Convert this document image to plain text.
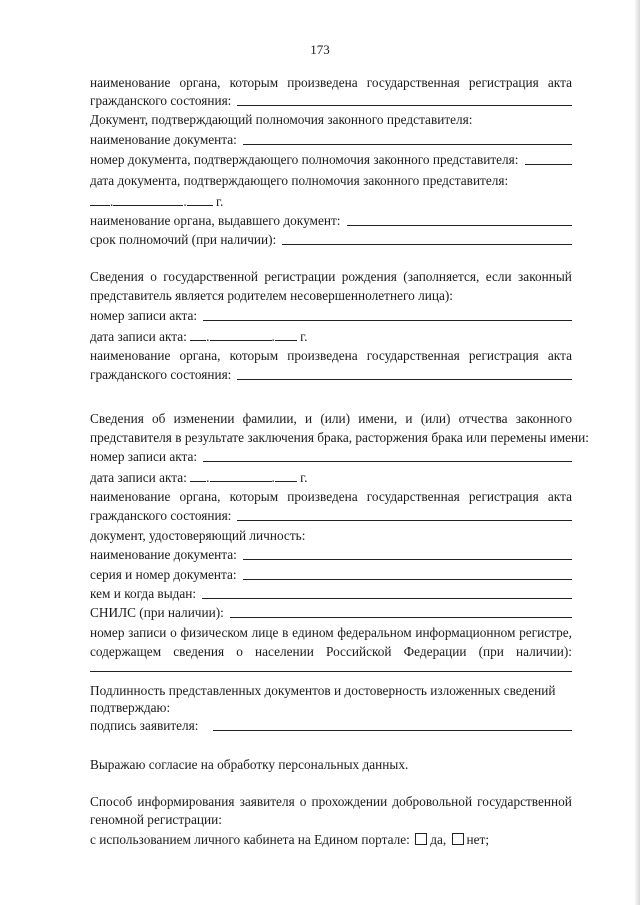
173
наименование органа, которым произведена государственная регистрация акта
гражданского состояния:
Документ, подтверждающий полномочия законного представителя:
наименование документа:
номер документа, подтверждающего полномочия законного представителя:
дата документа, подтверждающего полномочия законного представителя:
.	. г.
наименование органа, выдавшего документ:
срок полномочий (при наличии):
Сведения о государственной регистрации рождения (заполняется, если законный
представитель является родителем несовершеннолетнего лица):
номер записи акта:
дата записи акта: .	. г.
наименование органа, которым произведена государственная регистрация акта
гражданского состояния:
Сведения об изменении фамилии, и (или) имени, и (или) отчества законного
представителя в результате заключения брака, расторжения брака или перемены имени:
номер записи акта:
дата записи акта: .	. г.
наименование органа, которым произведена государственная регистрация акта
гражданского состояния:
документ, удостоверяющий личность:
наименование документа:
серия и номер документа:
кем и когда выдан:
СНИЛС (при наличии):
номер записи о физическом лице в едином федеральном информационном регистре,
содержащем сведения о населении Российской Федерации (при наличии):
Подлинность представленных документов и достоверность изложенных сведений
подтверждаю:
подпись заявителя:
Выражаю согласие на обработку персональных данных.
Способ информирования заявителя о прохождении добровольной государственной
геномной регистрации:
с использованием личного кабинета на Едином портале: да, нет;
